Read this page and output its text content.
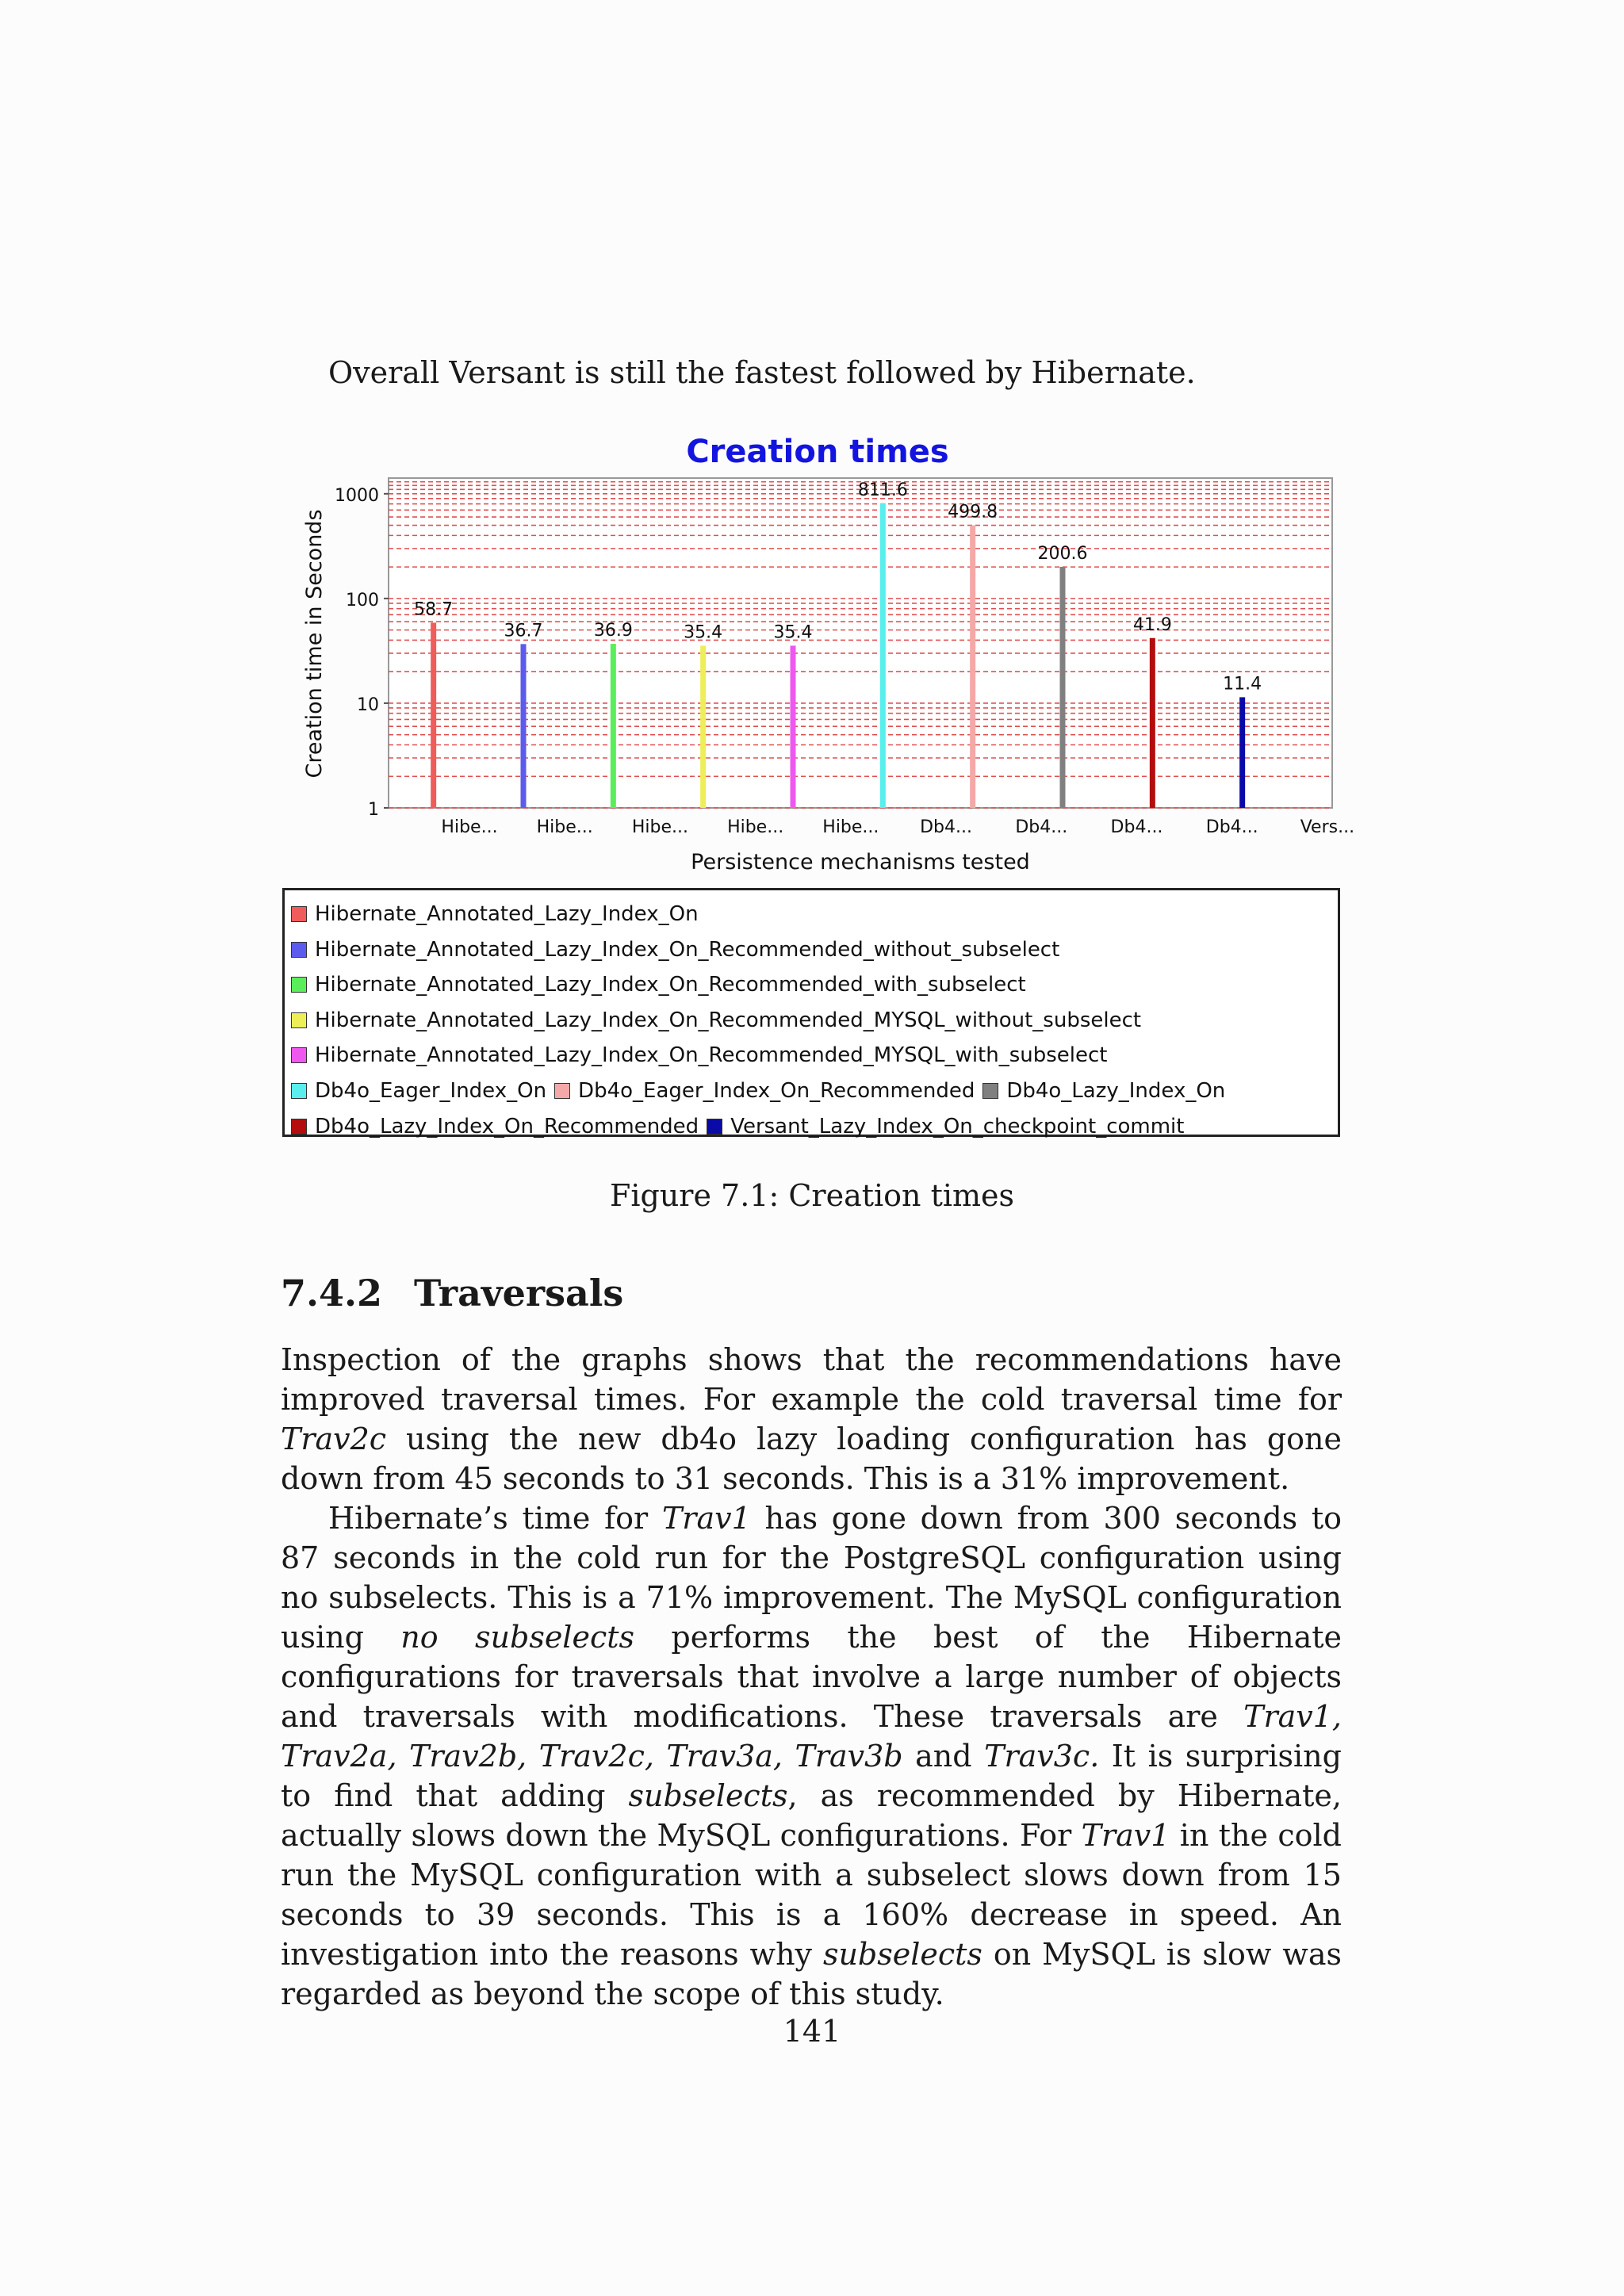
Overall Versant is still the fastest followed by Hibernate.
Creation times
58.7
36.7	36.9	35.4	35.4
811.6
499.8
200.6
41.9
11.4
1
10
100
1000
Hibe... Hibe... Hibe... Hibe... Hibe... Db4... Db4... Db4... Db4... Vers...
Persistence mechanisms tested
Creation time in Seconds
Hibernate_Annotated_Lazy_Index_On
Hibernate_Annotated_Lazy_Index_On_Recommended_without_subselect
Hibernate_Annotated_Lazy_Index_On_Recommended_with_subselect
Hibernate_Annotated_Lazy_Index_On_Recommended_MYSQL_without_subselect
Hibernate_Annotated_Lazy_Index_On_Recommended_MYSQL_with_subselect
Db4o_Eager_Index_On Db4o_Eager_Index_On_Recommended Db4o_Lazy_Index_On
Db4o_Lazy_Index_On_Recommended Versant_Lazy_Index_On_checkpoint_commit
Figure 7.1: Creation times
7.4.2 Traversals
Inspection of the graphs shows that the recommendations have improved traversal times. For example the cold traversal time for Trav2c using the new db4o lazy loading configuration has gone down from 45 seconds to 31 seconds. This is a 31% improvement.
Hibernate’s time for Trav1 has gone down from 300 seconds to 87 seconds in the cold run for the PostgreSQL configuration using no subselects. This is a 71% improvement. The MySQL configuration using no subselects performs the best of the Hibernate configurations for traversals that involve a large number of objects and traversals with modifications. These traversals are Trav1, Trav2a, Trav2b, Trav2c, Trav3a, Trav3b and Trav3c. It is surprising to find that adding subselects, as recommended by Hibernate, actually slows down the MySQL configurations. For Trav1 in the cold run the MySQL configuration with a subselect slows down from 15 seconds to 39 seconds. This is a 160% decrease in speed. An investigation into the reasons why subselects on MySQL is slow was regarded as beyond the scope of this study.
141
